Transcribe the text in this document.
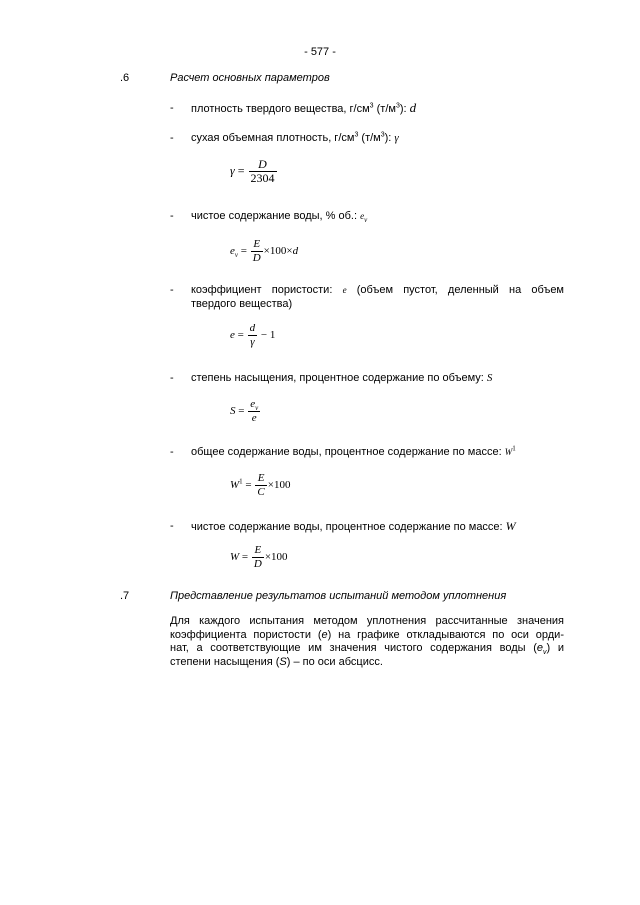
- 577 -
.6	Расчет основных параметров
- плотность твердого вещества, $г/см^3$ $(т/м^3)$: d
- сухая объемная плотность, $г/см^3$ $(т/м^3)$: γ
$\gamma = \frac{D}{2304}$
- чистое содержание воды, % об.: $e_v$
$e_v = \frac{E}{D} \times 100\times d$
- коэффициент пористости: e (объем пустот, деленный на объем
твердого вещества)
$e = \frac{d}{\gamma} - 1$
- степень насыщения, процентное содержание по объему: S
$S = \frac{e_v}{e}$
- общее содержание воды, процентное содержание по массе: $W^1$
$W^1 = \frac{E}{C} \times 100$
- чистое содержание воды, процентное содержание по массе: W
$W = \frac{E}{D} \times 100$
.7	Представление результатов испытаний методом уплотнения
Для каждого испытания методом уплотнения рассчитанные значения
коэффициента пористости (e) на графике откладываются по оси орди-
нат, а соответствующие им значения чистого содержания воды $(e_v)$ и
степени насыщения (S) – по оси абсцисс.
